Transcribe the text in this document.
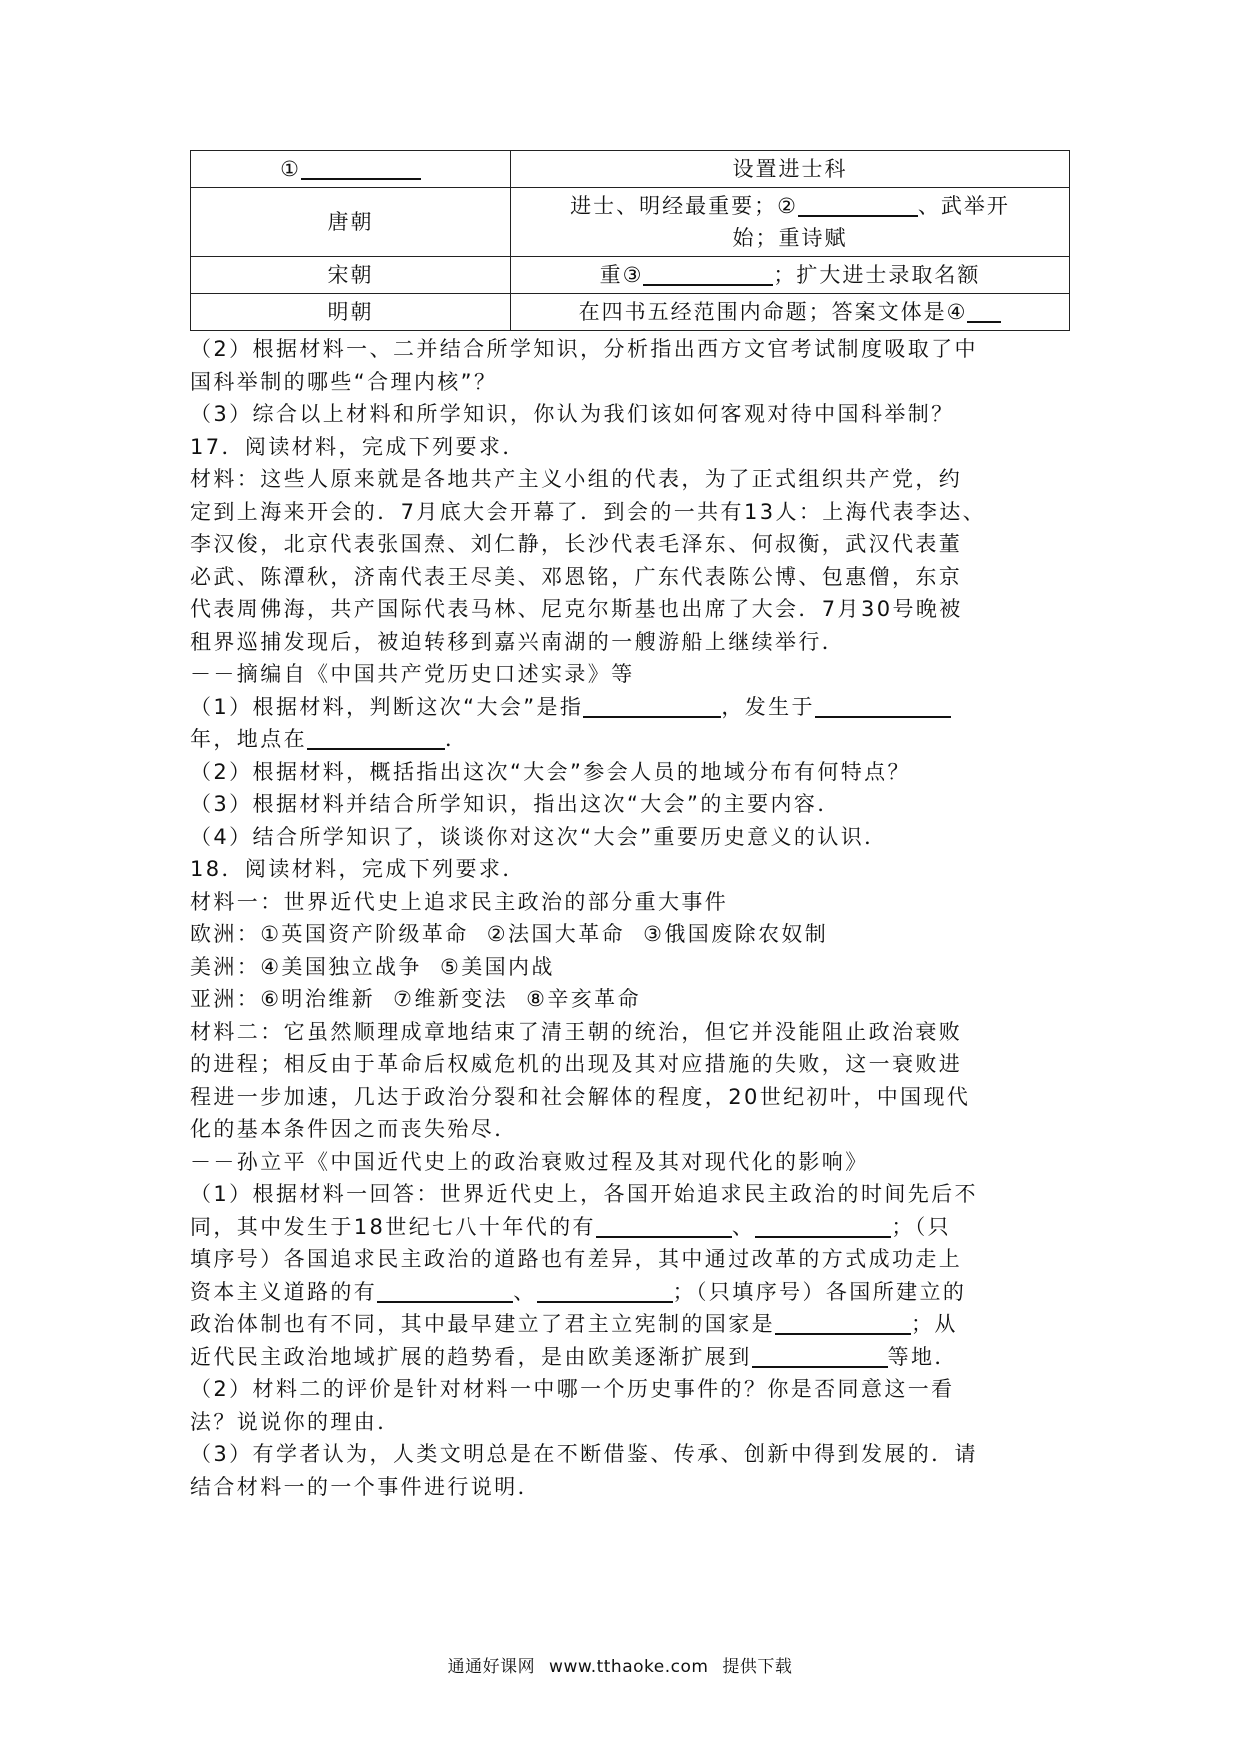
①	设置进士科
唐朝	进士、明经最重要；② 、武举开
始；重诗赋
宋朝	重③ ；扩大进士录取名额
明朝	在四书五经范围内命题；答案文体是④

（2）根据材料一、二并结合所学知识，分析指出西方文官考试制度吸取了中

国科举制的哪些“合理内核”？

（3）综合以上材料和所学知识，你认为我们该如何客观对待中国科举制？

17．阅读材料，完成下列要求．

材料：这些人原来就是各地共产主义小组的代表，为了正式组织共产党，约

定到上海来开会的．7月底大会开幕了．到会的一共有13人：上海代表李达、

李汉俊，北京代表张国焘、刘仁静，长沙代表毛泽东、何叔衡，武汉代表董

必武、陈潭秋，济南代表王尽美、邓恩铭，广东代表陈公博、包惠僧，东京

代表周佛海，共产国际代表马林、尼克尔斯基也出席了大会．7月30号晚被

租界巡捕发现后，被迫转移到嘉兴南湖的一艘游船上继续举行．

－－摘编自《中国共产党历史口述实录》等

（1）根据材料，判断这次“大会”是指	，发生于

年，地点在	．

（2）根据材料，概括指出这次“大会”参会人员的地域分布有何特点？

（3）根据材料并结合所学知识，指出这次“大会”的主要内容．

（4）结合所学知识了，谈谈你对这次“大会”重要历史意义的认识．

18．阅读材料，完成下列要求．

材料一：世界近代史上追求民主政治的部分重大事件

欧洲：①英国资产阶级革命  ②法国大革命  ③俄国废除农奴制

美洲：④美国独立战争  ⑤美国内战

亚洲：⑥明治维新  ⑦维新变法  ⑧辛亥革命

材料二：它虽然顺理成章地结束了清王朝的统治，但它并没能阻止政治衰败

的进程；相反由于革命后权威危机的出现及其对应措施的失败，这一衰败进

程进一步加速，几达于政治分裂和社会解体的程度，20世纪初叶，中国现代

化的基本条件因之而丧失殆尽．

－－孙立平《中国近代史上的政治衰败过程及其对现代化的影响》

（1）根据材料一回答：世界近代史上，各国开始追求民主政治的时间先后不

同，其中发生于18世纪七八十年代的有	、	；（只

填序号）各国追求民主政治的道路也有差异，其中通过改革的方式成功走上

资本主义道路的有	、	；（只填序号）各国所建立的

政治体制也有不同，其中最早建立了君主立宪制的国家是	；从

近代民主政治地域扩展的趋势看，是由欧美逐渐扩展到	等地．

（2）材料二的评价是针对材料一中哪一个历史事件的？你是否同意这一看

法？说说你的理由．

（3）有学者认为，人类文明总是在不断借鉴、传承、创新中得到发展的．请

结合材料一的一个事件进行说明．

通通好课网 www.tthaoke.com 提供下载
